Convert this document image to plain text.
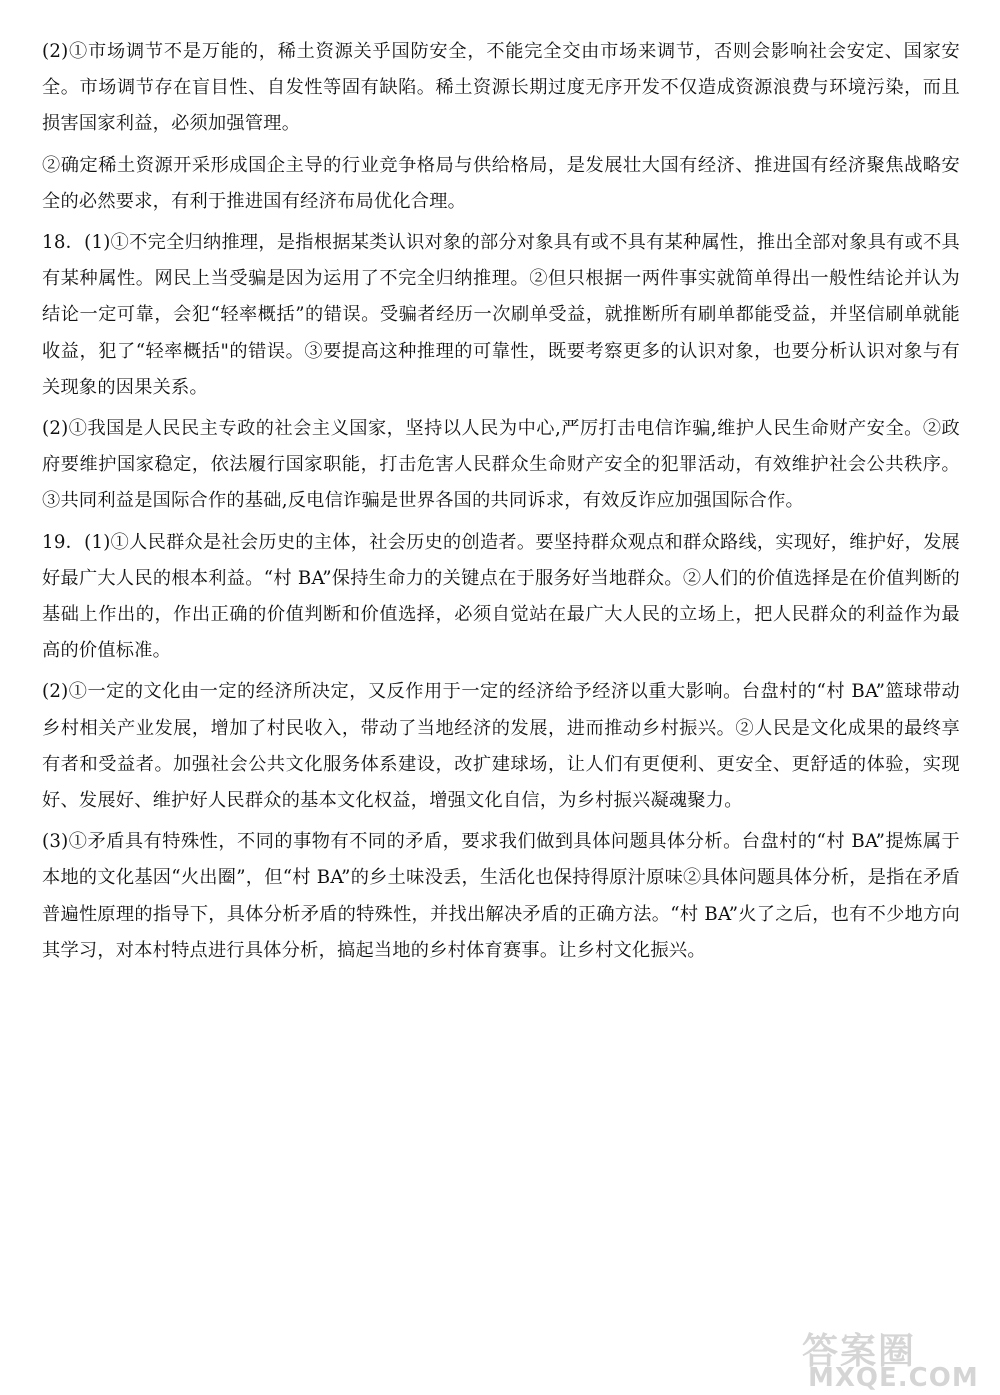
(2)①市场调节不是万能的，稀土资源关乎国防安全，不能完全交由市场来调节，否则会影响社会安定、国家安全。市场调节存在盲目性、自发性等固有缺陷。稀土资源长期过度无序开发不仅造成资源浪费与环境污染，而且损害国家利益，必须加强管理。

②确定稀土资源开采形成国企主导的行业竞争格局与供给格局，是发展壮大国有经济、推进国有经济聚焦战略安全的必然要求，有利于推进国有经济布局优化合理。

18．(1)①不完全归纳推理，是指根据某类认识对象的部分对象具有或不具有某种属性，推出全部对象具有或不具有某种属性。网民上当受骗是因为运用了不完全归纳推理。②但只根据一两件事实就简单得出一般性结论并认为结论一定可靠，会犯“轻率概括”的错误。受骗者经历一次刷单受益，就推断所有刷单都能受益，并坚信刷单就能收益，犯了“轻率概括"的错误。③要提高这种推理的可靠性，既要考察更多的认识对象，也要分析认识对象与有关现象的因果关系。

(2)①我国是人民民主专政的社会主义国家，坚持以人民为中心,严厉打击电信诈骗,维护人民生命财产安全。②政府要维护国家稳定，依法履行国家职能，打击危害人民群众生命财产安全的犯罪活动，有效维护社会公共秩序。③共同利益是国际合作的基础,反电信诈骗是世界各国的共同诉求，有效反诈应加强国际合作。

19．(1)①人民群众是社会历史的主体，社会历史的创造者。要坚持群众观点和群众路线，实现好，维护好，发展好最广大人民的根本利益。“村 BA”保持生命力的关键点在于服务好当地群众。②人们的价值选择是在价值判断的基础上作出的，作出正确的价值判断和价值选择，必须自觉站在最广大人民的立场上，把人民群众的利益作为最高的价值标准。

(2)①一定的文化由一定的经济所决定，又反作用于一定的经济给予经济以重大影响。台盘村的“村 BA”篮球带动乡村相关产业发展，增加了村民收入，带动了当地经济的发展，进而推动乡村振兴。②人民是文化成果的最终享有者和受益者。加强社会公共文化服务体系建设，改扩建球场，让人们有更便利、更安全、更舒适的体验，实现好、发展好、维护好人民群众的基本文化权益，增强文化自信，为乡村振兴凝魂聚力。

(3)①矛盾具有特殊性，不同的事物有不同的矛盾，要求我们做到具体问题具体分析。台盘村的“村 BA”提炼属于本地的文化基因“火出圈”，但“村 BA”的乡土味没丢，生活化也保持得原汁原味②具体问题具体分析，是指在矛盾普遍性原理的指导下，具体分析矛盾的特殊性，并找出解决矛盾的正确方法。“村 BA”火了之后，也有不少地方向其学习，对本村特点进行具体分析，搞起当地的乡村体育赛事。让乡村文化振兴。

答案圈
MXQE.COM
